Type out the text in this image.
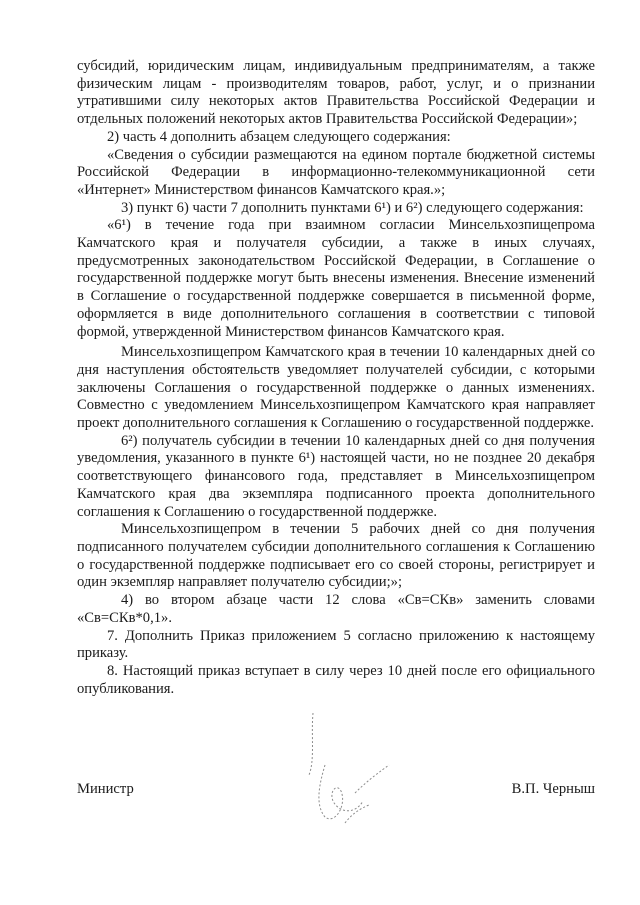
субсидий, юридическим лицам, индивидуальным предпринимателям, а также физическим лицам - производителям товаров, работ, услуг, и о признании утратившими силу некоторых актов Правительства Российской Федерации и отдельных положений некоторых актов Правительства Российской Федерации»;

2) часть 4 дополнить абзацем следующего содержания:

«Сведения о субсидии размещаются на едином портале бюджетной системы Российской Федерации в информационно-телекоммуникационной сети «Интернет» Министерством финансов Камчатского края.»;

3) пункт 6) части 7 дополнить пунктами 6¹) и 6²) следующего содержания:

«6¹) в течение года при взаимном согласии Минсельхозпищепрома Камчатского края и получателя субсидии, а также в иных случаях, предусмотренных законодательством Российской Федерации, в Соглашение о государственной поддержке могут быть внесены изменения. Внесение изменений в Соглашение о государственной поддержке совершается в письменной форме, оформляется в виде дополнительного соглашения в соответствии с типовой формой, утвержденной Министерством финансов Камчатского края.

Минсельхозпищепром Камчатского края в течении 10 календарных дней со дня наступления обстоятельств уведомляет получателей субсидии, с которыми заключены Соглашения о государственной поддержке о данных изменениях. Совместно с уведомлением Минсельхозпищепром Камчатского края направляет проект дополнительного соглашения к Соглашению о государственной поддержке.

6²) получатель субсидии в течении 10 календарных дней со дня получения уведомления, указанного в пункте 6¹) настоящей части, но не позднее 20 декабря соответствующего финансового года, представляет в Минсельхозпищепром Камчатского края два экземпляра подписанного проекта дополнительного соглашения к Соглашению о государственной поддержке.

Минсельхозпищепром в течении 5 рабочих дней со дня получения подписанного получателем субсидии дополнительного соглашения к Соглашению о государственной поддержке подписывает его со своей стороны, регистрирует и один экземпляр направляет получателю субсидии;»;

4) во втором абзаце части 12 слова «Св=СКв» заменить словами «Св=СКв*0,1».

7. Дополнить Приказ приложением 5 согласно приложению к настоящему приказу.

8. Настоящий приказ вступает в силу через 10 дней после его официального опубликования.

Министр	В.П. Черныш
